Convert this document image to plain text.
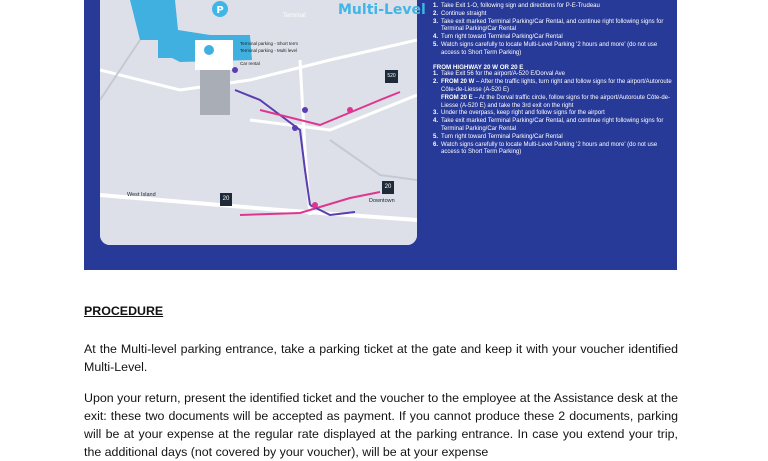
Terminal
Terminal parking - Short term
Terminal parking - Multi level
Car rental
West Island
Downtown
520
20
20
P	Multi-Level 1. Take Exit 1-O, following sign and directions for P-E-Trudeau
2. Continue straight
3. Take exit marked Terminal Parking/Car Rental, and continue right following signs for Terminal Parking/Car Rental
4. Turn right toward Terminal Parking/Car Rental
5. Watch signs carefully to locate Multi-Level Parking '2 hours and more' (do not use access to Short Term Parking)
FROM HIGHWAY 20 W OR 20 E
1. Take Exit 56 for the airport/A-520 E/Dorval Ave
2. FROM 20 W – After the traffic lights, turn right and follow signs for the airport/Autoroute Côte-de-Liesse (A-520 E)
FROM 20 E – At the Dorval traffic circle, follow signs for the airport/Autoroute Côte-de-Liesse (A-520 E) and take the 3rd exit on the right
3. Under the overpass, keep right and follow signs for the airport
4. Take exit marked Terminal Parking/Car Rental, and continue right following signs for Terminal Parking/Car Rental
5. Turn right toward Terminal Parking/Car Rental
6. Watch signs carefully to locate Multi-Level Parking '2 hours and more' (do not use access to Short Term Parking)
PROCEDURE
At the Multi-level parking entrance, take a parking ticket at the gate and keep it with your voucher identified Multi-Level.
Upon your return, present the identified ticket and the voucher to the employee at the Assistance desk at the exit: these two documents will be accepted as payment. If you cannot produce these 2 documents, parking will be at your expense at the regular rate displayed at the parking entrance. In case you extend your trip, the additional days (not covered by your voucher), will be at your expense
